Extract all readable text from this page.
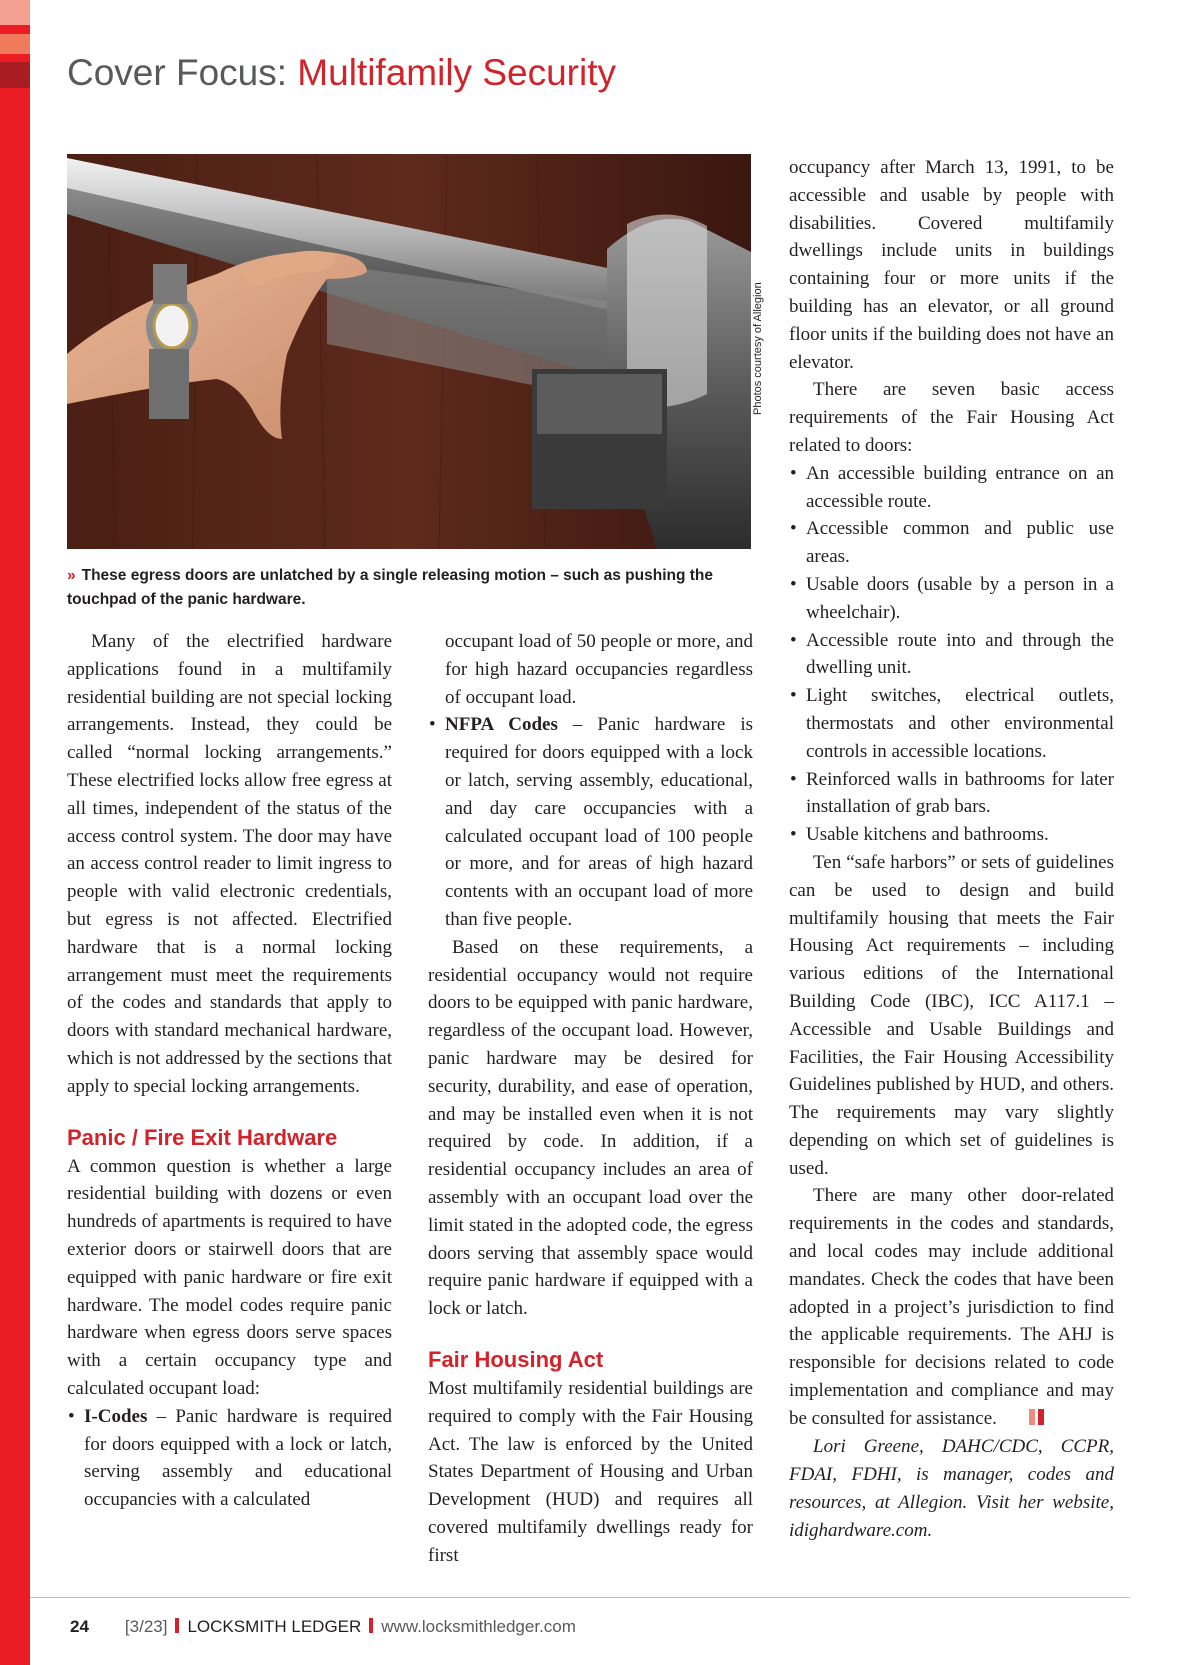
Cover Focus: Multifamily Security
Photos courtesy of Allegion
» These egress doors are unlatched by a single releasing motion – such as pushing the touchpad of the panic hardware.

Many of the electrified hardware applications found in a multifamily residential building are not special locking arrangements. Instead, they could be called “normal locking arrangements.” These electrified locks allow free egress at all times, independent of the status of the access control system. The door may have an access control reader to limit ingress to people with valid electronic credentials, but egress is not affected. Electrified hardware that is a normal locking arrangement must meet the requirements of the codes and standards that apply to doors with standard mechanical hardware, which is not addressed by the sections that apply to special locking arrangements.

Panic / Fire Exit Hardware

A common question is whether a large residential building with dozens or even hundreds of apartments is required to have exterior doors or stairwell doors that are equipped with panic hardware or fire exit hardware. The model codes require panic hardware when egress doors serve spaces with a certain occupancy type and calculated occupant load:

• I-Codes – Panic hardware is required for doors equipped with a lock or latch, serving assembly and educational occupancies with a calculated
occupant load of 50 people or more, and for high hazard occupancies regardless of occupant load.
• NFPA Codes – Panic hardware is required for doors equipped with a lock or latch, serving assembly, educational, and day care occupancies with a calculated occupant load of 100 people or more, and for areas of high hazard contents with an occupant load of more than five people.

Based on these requirements, a residential occupancy would not require doors to be equipped with panic hardware, regardless of the occupant load. However, panic hardware may be desired for security, durability, and ease of operation, and may be installed even when it is not required by code. In addition, if a residential occupancy includes an area of assembly with an occupant load over the limit stated in the adopted code, the egress doors serving that assembly space would require panic hardware if equipped with a lock or latch.

Fair Housing Act

Most multifamily residential buildings are required to comply with the Fair Housing Act. The law is enforced by the United States Department of Housing and Urban Development (HUD) and requires all covered multifamily dwellings ready for first

occupancy after March 13, 1991, to be accessible and usable by people with disabilities. Covered multifamily dwellings include units in buildings containing four or more units if the building has an elevator, or all ground floor units if the building does not have an elevator.

There are seven basic access requirements of the Fair Housing Act related to doors:

• An accessible building entrance on an accessible route.
• Accessible common and public use areas.
• Usable doors (usable by a person in a wheelchair).
• Accessible route into and through the dwelling unit.
• Light switches, electrical outlets, thermostats and other environmental controls in accessible locations.
• Reinforced walls in bathrooms for later installation of grab bars.
• Usable kitchens and bathrooms.

Ten “safe harbors” or sets of guidelines can be used to design and build multifamily housing that meets the Fair Housing Act requirements – including various editions of the International Building Code (IBC), ICC A117.1 – Accessible and Usable Buildings and Facilities, the Fair Housing Accessibility Guidelines published by HUD, and others. The requirements may vary slightly depending on which set of guidelines is used.

There are many other door-related requirements in the codes and standards, and local codes may include additional mandates. Check the codes that have been adopted in a project’s jurisdiction to find the applicable requirements. The AHJ is responsible for decisions related to code implementation and compliance and may be consulted for assistance.

Lori Greene, DAHC/CDC, CCPR, FDAI, FDHI, is manager, codes and resources, at Allegion. Visit her website, idighardware.com.

24 [3/23] LOCKSMITH LEDGER www.locksmithledger.com
